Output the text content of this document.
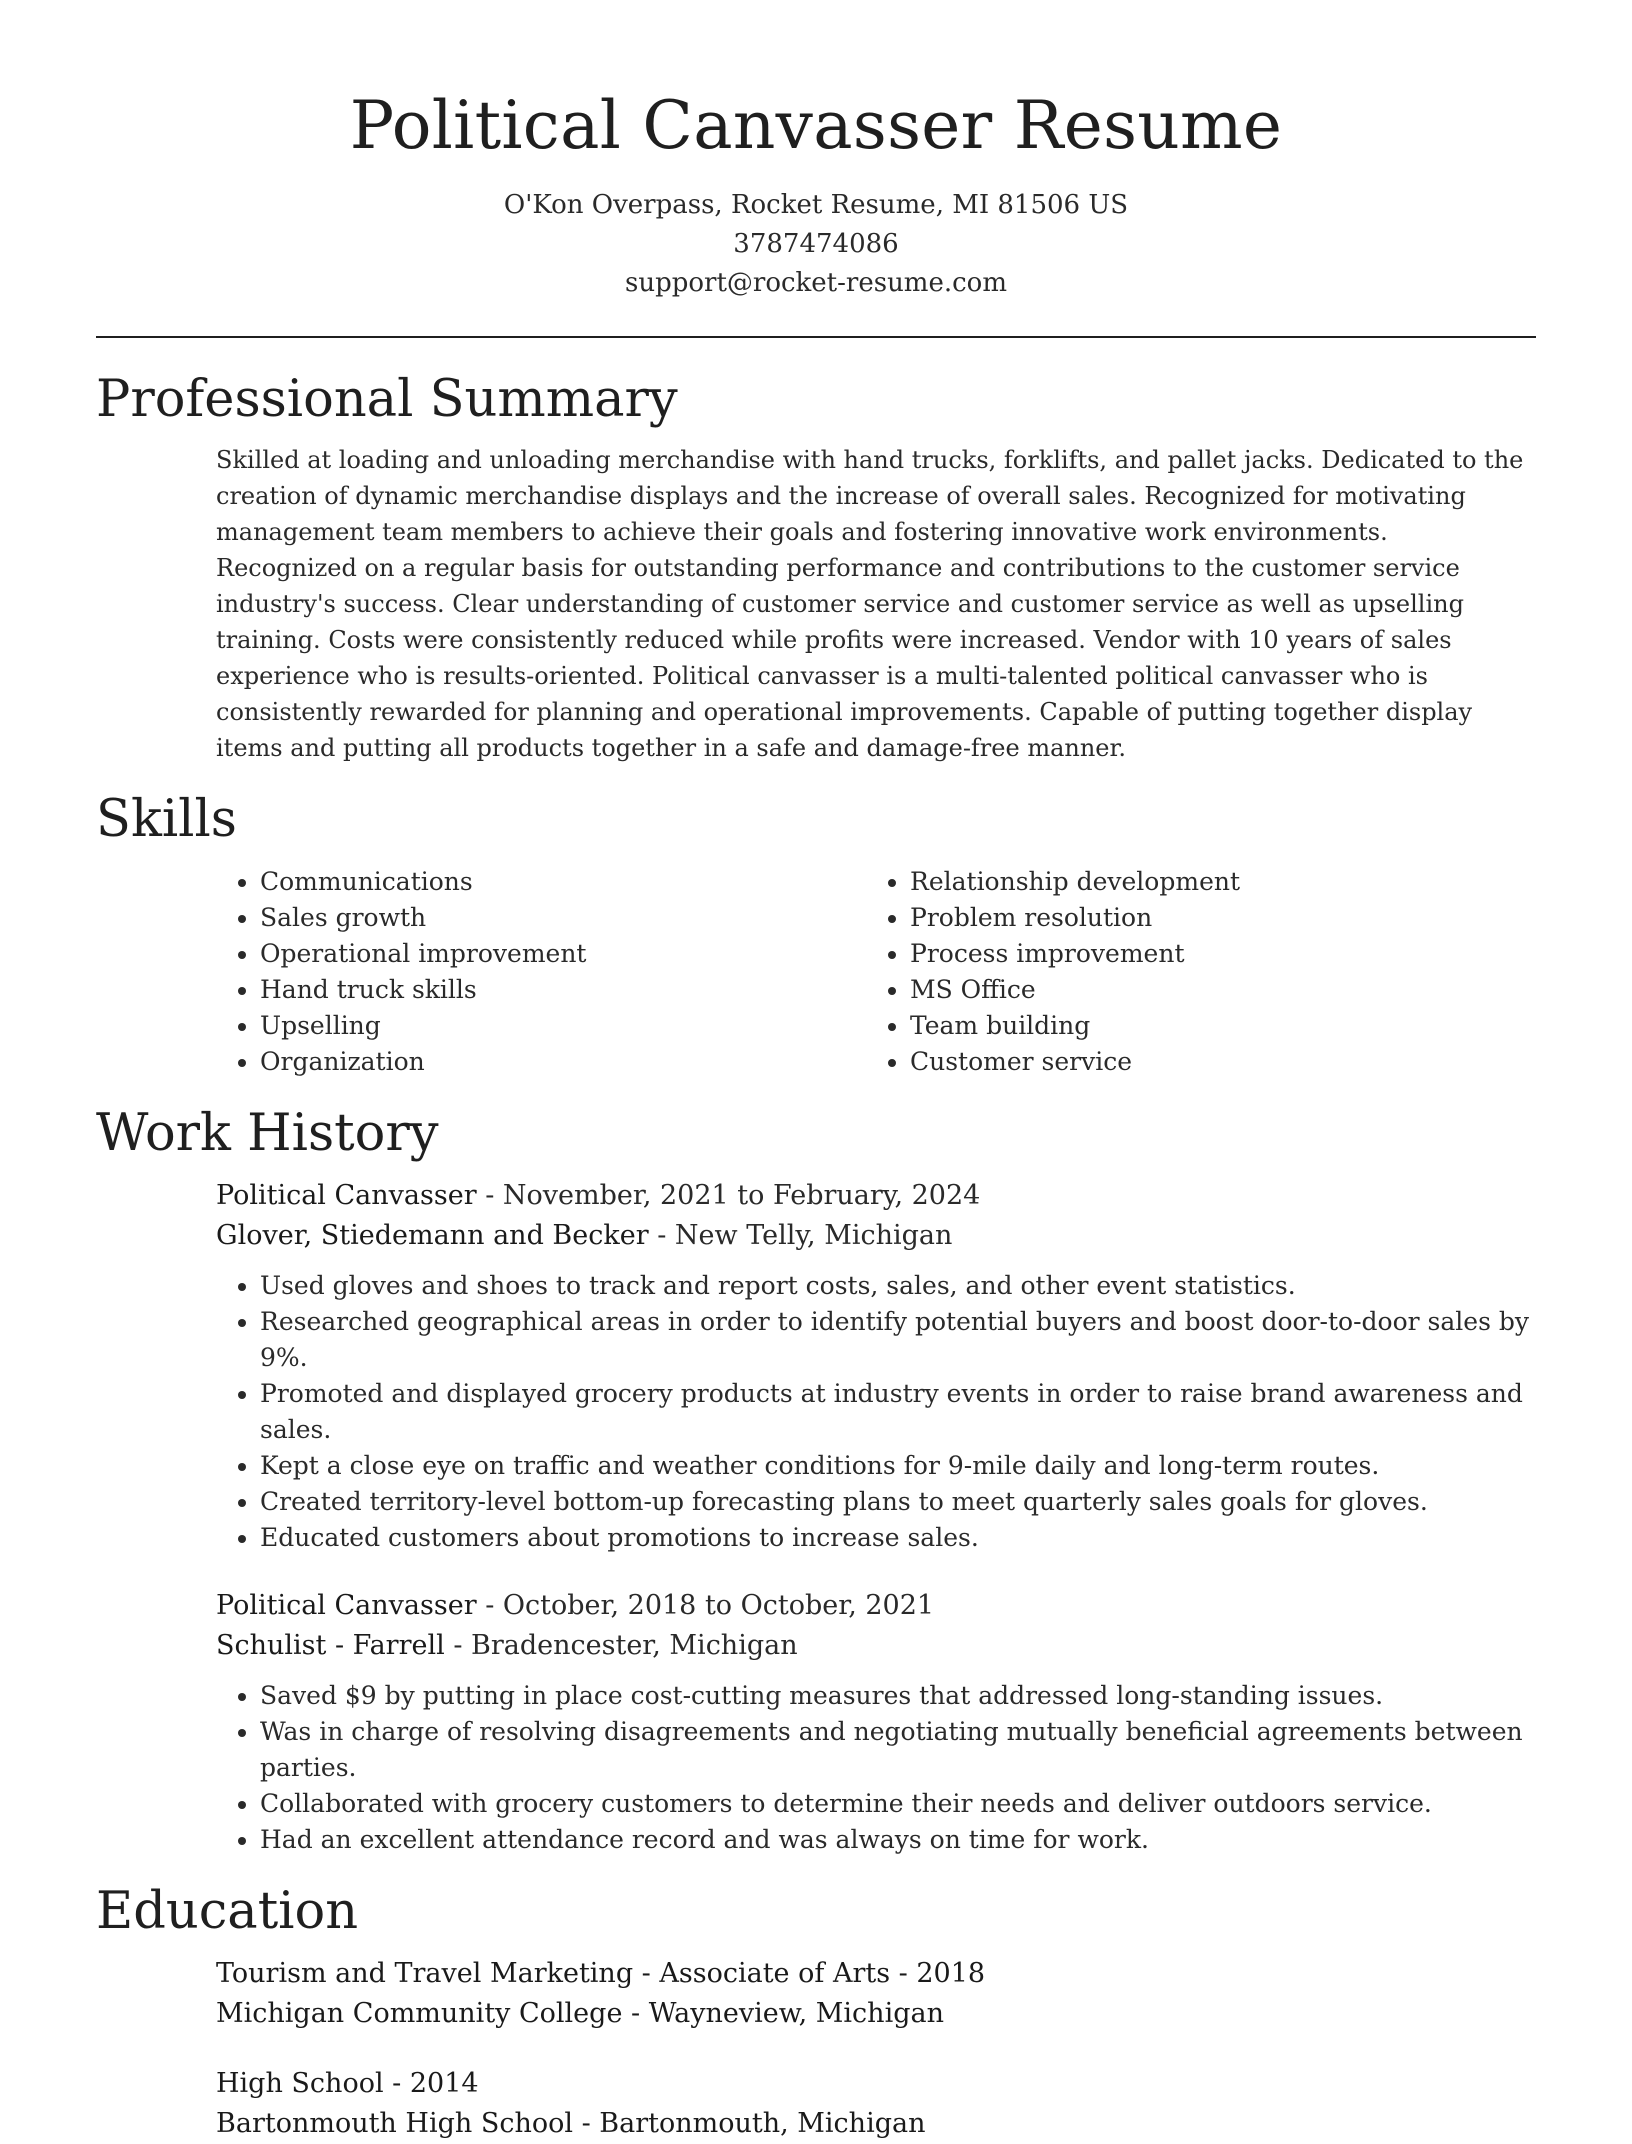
Political Canvasser Resume
O'Kon Overpass, Rocket Resume, MI 81506 US
3787474086
support@rocket-resume.com
Professional Summary
Skilled at loading and unloading merchandise with hand trucks, forklifts, and pallet jacks. Dedicated to the creation of dynamic merchandise displays and the increase of overall sales. Recognized for motivating management team members to achieve their goals and fostering innovative work environments. Recognized on a regular basis for outstanding performance and contributions to the customer service industry's success. Clear understanding of customer service and customer service as well as upselling training. Costs were consistently reduced while profits were increased. Vendor with 10 years of sales experience who is results-oriented. Political canvasser is a multi-talented political canvasser who is consistently rewarded for planning and operational improvements. Capable of putting together display items and putting all products together in a safe and damage-free manner.
Skills
• Communications
• Sales growth
• Operational improvement
• Hand truck skills
• Upselling
• Organization
• Relationship development
• Problem resolution
• Process improvement
• MS Office
• Team building
• Customer service
Work History
Political Canvasser - November, 2021 to February, 2024
Glover, Stiedemann and Becker - New Telly, Michigan
• Used gloves and shoes to track and report costs, sales, and other event statistics.
• Researched geographical areas in order to identify potential buyers and boost door-to-door sales by 9%.
• Promoted and displayed grocery products at industry events in order to raise brand awareness and sales.
• Kept a close eye on traffic and weather conditions for 9-mile daily and long-term routes.
• Created territory-level bottom-up forecasting plans to meet quarterly sales goals for gloves.
• Educated customers about promotions to increase sales.
Political Canvasser - October, 2018 to October, 2021
Schulist - Farrell - Bradencester, Michigan
• Saved $9 by putting in place cost-cutting measures that addressed long-standing issues.
• Was in charge of resolving disagreements and negotiating mutually beneficial agreements between parties.
• Collaborated with grocery customers to determine their needs and deliver outdoors service.
• Had an excellent attendance record and was always on time for work.
Education
Tourism and Travel Marketing - Associate of Arts - 2018
Michigan Community College - Wayneview, Michigan
High School - 2014
Bartonmouth High School - Bartonmouth, Michigan
